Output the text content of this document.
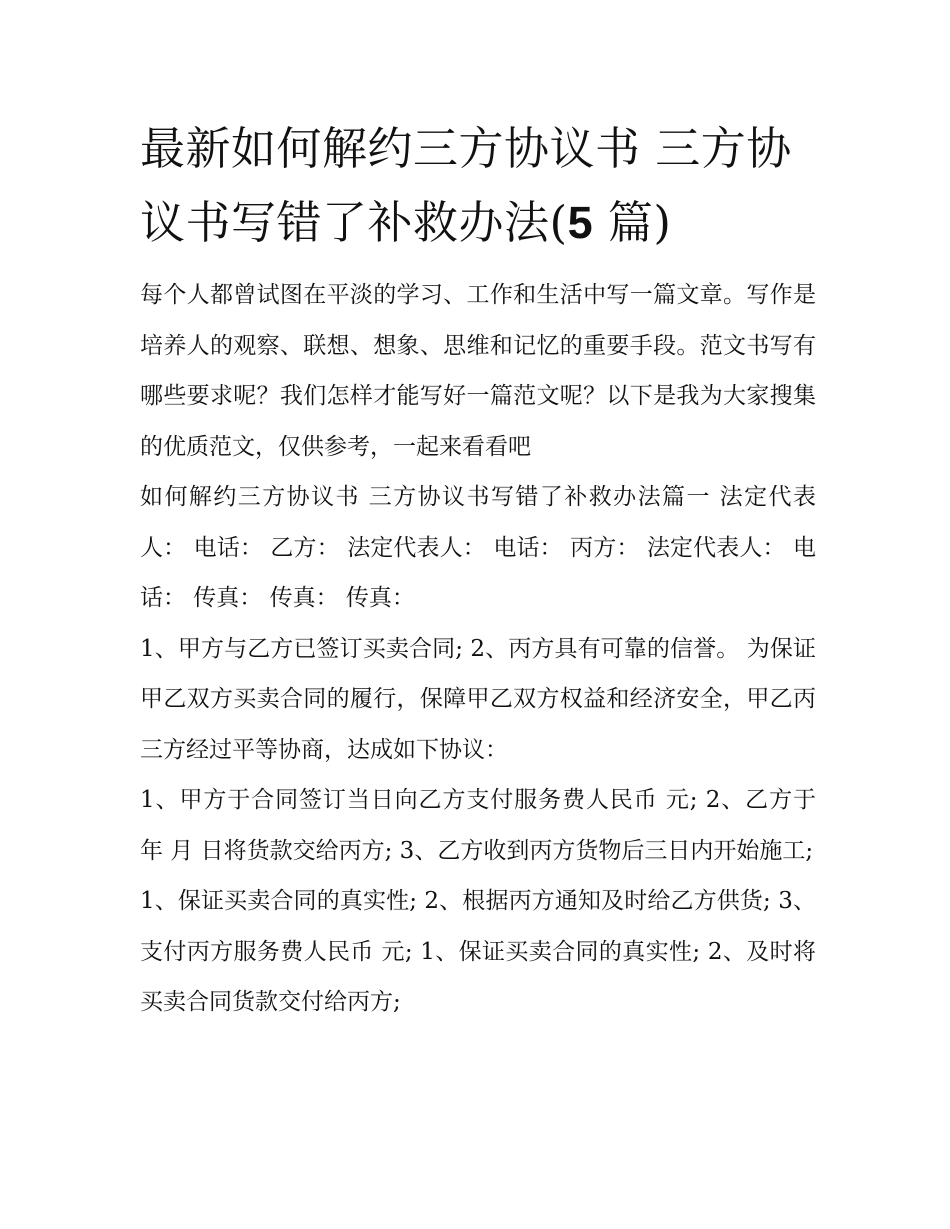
最新如何解约三方协议书 三方协议书写错了补救办法(5 篇)

每个人都曾试图在平淡的学习、工作和生活中写一篇文章。写作是培养人的观察、联想、想象、思维和记忆的重要手段。范文书写有哪些要求呢？我们怎样才能写好一篇范文呢？以下是我为大家搜集的优质范文，仅供参考，一起来看看吧

如何解约三方协议书 三方协议书写错了补救办法篇一 法定代表人： 电话： 乙方： 法定代表人： 电话： 丙方： 法定代表人： 电话： 传真： 传真： 传真：

1、甲方与乙方已签订买卖合同; 2、丙方具有可靠的信誉。 为保证甲乙双方买卖合同的履行，保障甲乙双方权益和经济安全，甲乙丙三方经过平等协商，达成如下协议：

1、甲方于合同签订当日向乙方支付服务费人民币 元; 2、乙方于 年 月 日将货款交给丙方; 3、乙方收到丙方货物后三日内开始施工;

1、保证买卖合同的真实性; 2、根据丙方通知及时给乙方供货; 3、支付丙方服务费人民币 元; 1、保证买卖合同的真实性; 2、及时将买卖合同货款交付给丙方;
